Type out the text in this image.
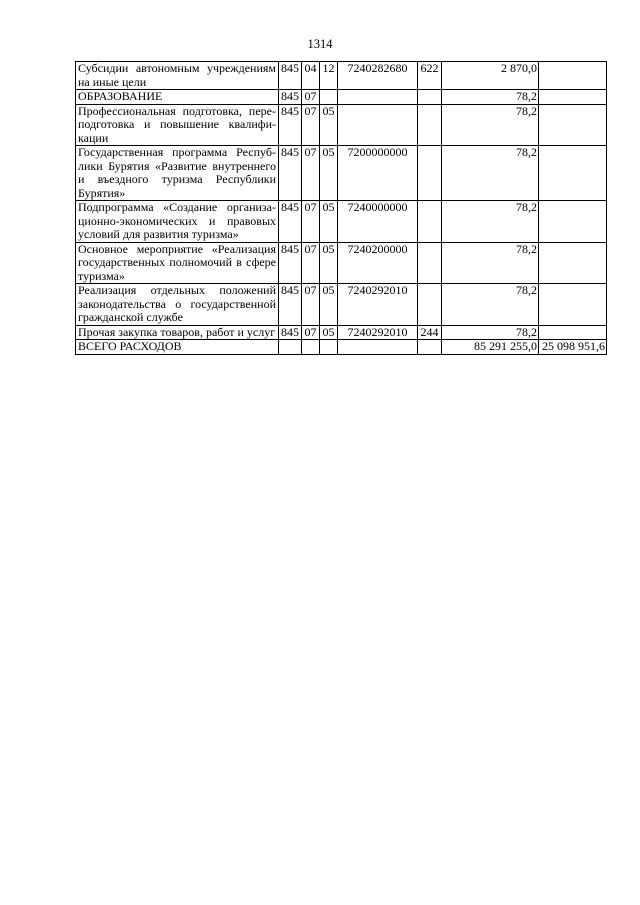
1314
Субсидии автономным учреждениям на иные цели	845	04	12	7240282680	622	2 870,0	
ОБРАЗОВАНИЕ	845	07				78,2	
Профессиональная подготовка, переподготовка и повышение квалификации	845	07	05			78,2	
Государственная программа Республики Бурятия «Развитие внутреннего и въездного туризма Республики Бурятия»	845	07	05	7200000000		78,2	
Подпрограмма «Создание организационно-экономических и правовых условий для развития туризма»	845	07	05	7240000000		78,2	
Основное мероприятие «Реализация государственных полномочий в сфере туризма»	845	07	05	7240200000		78,2	
Реализация отдельных положений законодательства о государственной гражданской службе	845	07	05	7240292010		78,2	
Прочая закупка товаров, работ и услуг	845	07	05	7240292010	244	78,2	
ВСЕГО РАСХОДОВ						85 291 255,0	25 098 951,6
